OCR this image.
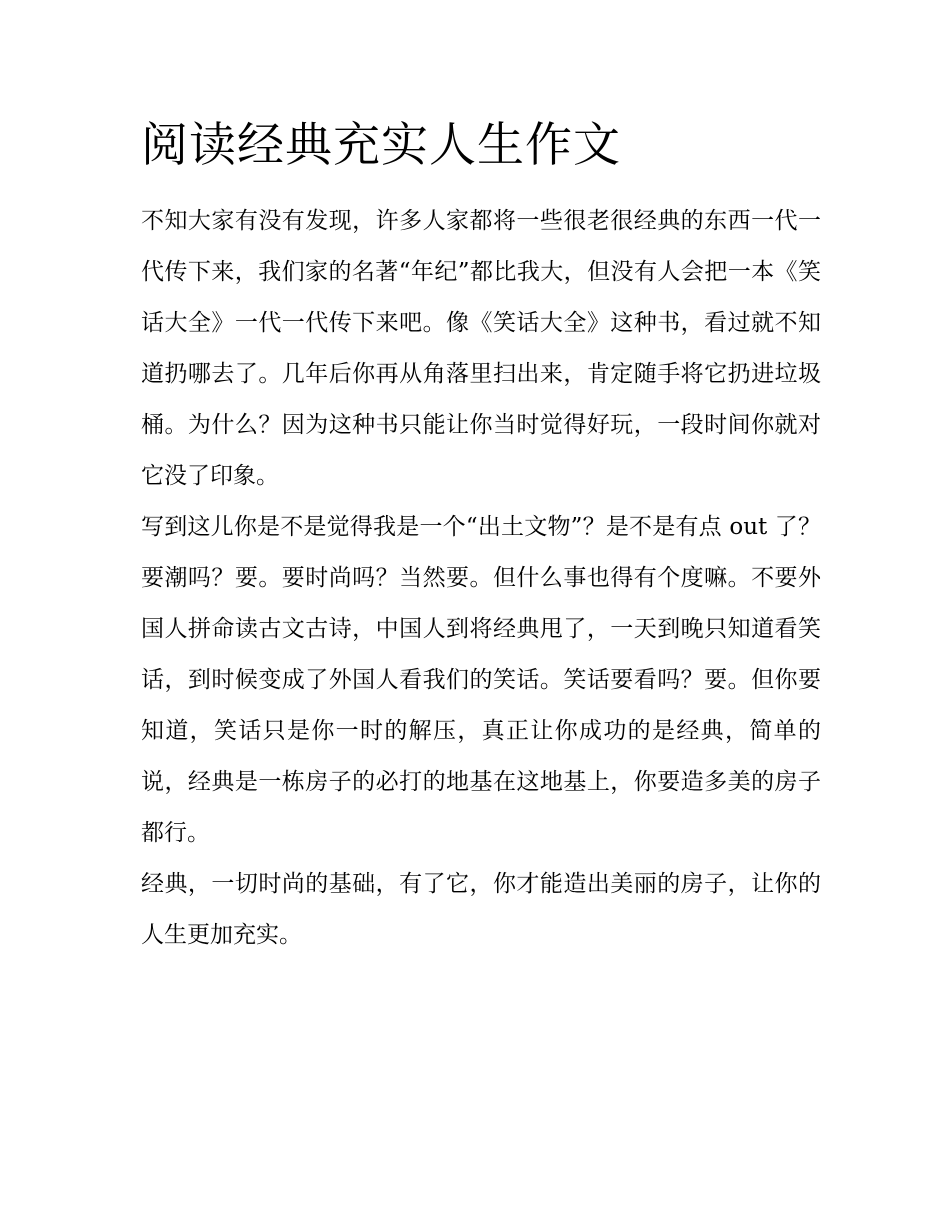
阅读经典充实人生作文

不知大家有没有发现，许多人家都将一些很老很经典的东西一代一代传下来，我们家的名著“年纪”都比我大，但没有人会把一本《笑话大全》一代一代传下来吧。像《笑话大全》这种书，看过就不知道扔哪去了。几年后你再从角落里扫出来，肯定随手将它扔进垃圾桶。为什么？因为这种书只能让你当时觉得好玩，一段时间你就对它没了印象。

写到这儿你是不是觉得我是一个“出土文物”？是不是有点 out 了？要潮吗？要。要时尚吗？当然要。但什么事也得有个度嘛。不要外国人拼命读古文古诗，中国人到将经典甩了，一天到晚只知道看笑话，到时候变成了外国人看我们的笑话。笑话要看吗？要。但你要知道，笑话只是你一时的解压，真正让你成功的是经典，简单的说，经典是一栋房子的必打的地基在这地基上，你要造多美的房子都行。

经典，一切时尚的基础，有了它，你才能造出美丽的房子，让你的人生更加充实。
